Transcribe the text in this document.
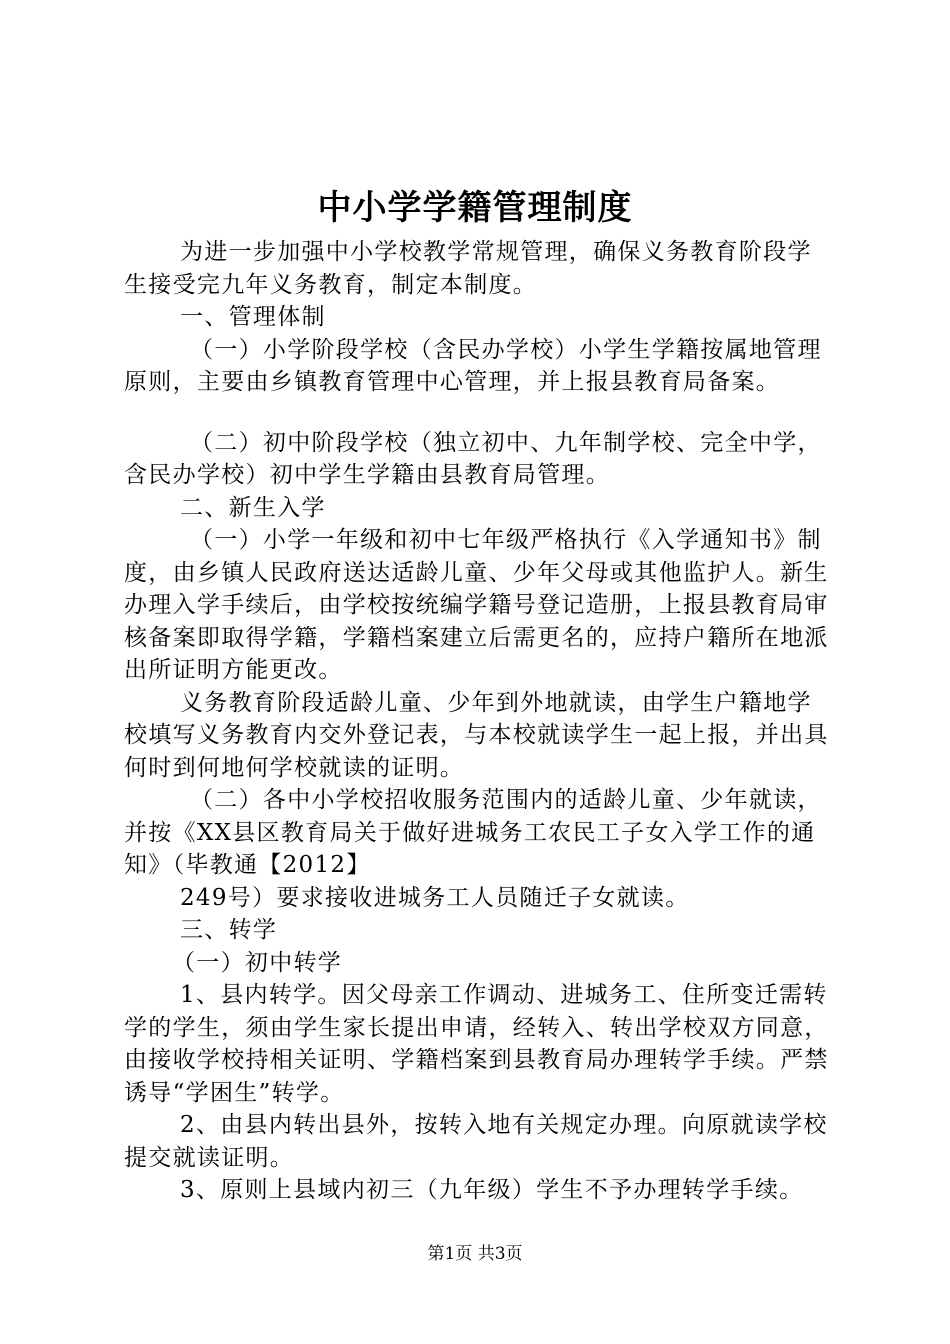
中小学学籍管理制度

为进一步加强中小学校教学常规管理，确保义务教育阶段学生接受完九年义务教育，制定本制度。

一、管理体制

（一）小学阶段学校（含民办学校）小学生学籍按属地管理原则，主要由乡镇教育管理中心管理，并上报县教育局备案。

（二）初中阶段学校（独立初中、九年制学校、完全中学，含民办学校）初中学生学籍由县教育局管理。

二、新生入学

（一）小学一年级和初中七年级严格执行《入学通知书》制度，由乡镇人民政府送达适龄儿童、少年父母或其他监护人。新生办理入学手续后，由学校按统编学籍号登记造册，上报县教育局审核备案即取得学籍，学籍档案建立后需更名的，应持户籍所在地派出所证明方能更改。

义务教育阶段适龄儿童、少年到外地就读，由学生户籍地学校填写义务教育内交外登记表，与本校就读学生一起上报，并出具何时到何地何学校就读的证明。

（二）各中小学校招收服务范围内的适龄儿童、少年就读，并按《XX县区教育局关于做好进城务工农民工子女入学工作的通知》（毕教通【2012】

249号）要求接收进城务工人员随迁子女就读。

三、转学

（一）初中转学

1、县内转学。因父母亲工作调动、进城务工、住所变迁需转学的学生，须由学生家长提出申请，经转入、转出学校双方同意，由接收学校持相关证明、学籍档案到县教育局办理转学手续。严禁诱导“学困生”转学。

2、由县内转出县外，按转入地有关规定办理。向原就读学校提交就读证明。

3、原则上县域内初三（九年级）学生不予办理转学手续。

第1页 共3页
